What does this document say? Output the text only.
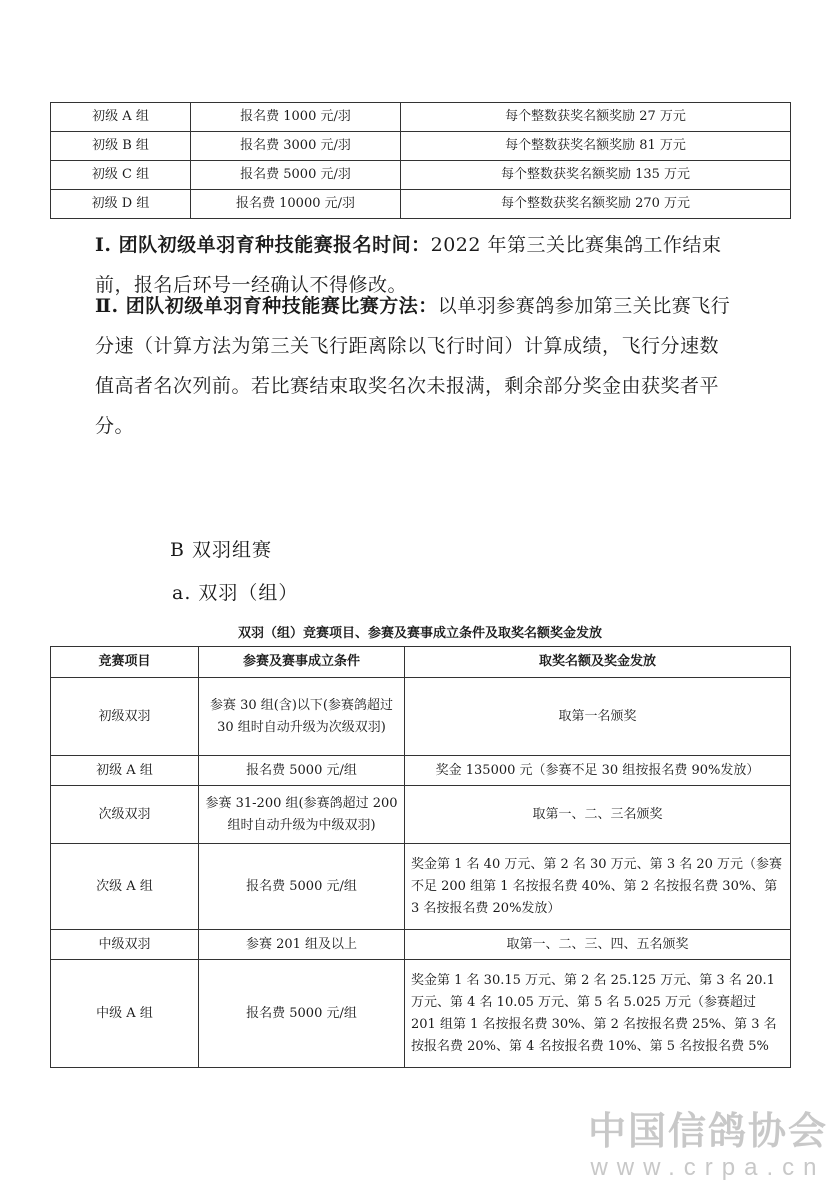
初级 A 组	报名费 1000 元/羽	每个整数获奖名额奖励 27 万元
初级 B 组	报名费 3000 元/羽	每个整数获奖名额奖励 81 万元
初级 C 组	报名费 5000 元/羽	每个整数获奖名额奖励 135 万元
初级 D 组	报名费 10000 元/羽	每个整数获奖名额奖励 270 万元

Ⅰ. 团队初级单羽育种技能赛报名时间：2022 年第三关比赛集鸽工作结束前，报名后环号一经确认不得修改。

Ⅱ. 团队初级单羽育种技能赛比赛方法：以单羽参赛鸽参加第三关比赛飞行分速（计算方法为第三关飞行距离除以飞行时间）计算成绩，飞行分速数值高者名次列前。若比赛结束取奖名次未报满，剩余部分奖金由获奖者平分。

B 双羽组赛
a. 双羽（组）
双羽（组）竞赛项目、参赛及赛事成立条件及取奖名额奖金发放
竞赛项目	参赛及赛事成立条件	取奖名额及奖金发放
初级双羽	参赛 30 组(含)以下(参赛鸽超过 30 组时自动升级为次级双羽)	取第一名颁奖
初级 A 组	报名费 5000 元/组	奖金 135000 元（参赛不足 30 组按报名费 90%发放）
次级双羽	参赛 31-200 组(参赛鸽超过 200 组时自动升级为中级双羽)	取第一、二、三名颁奖
次级 A 组	报名费 5000 元/组	奖金第 1 名 40 万元、第 2 名 30 万元、第 3 名 20 万元（参赛不足 200 组第 1 名按报名费 40%、第 2 名按报名费 30%、第 3 名按报名费 20%发放）
中级双羽	参赛 201 组及以上	取第一、二、三、四、五名颁奖
中级 A 组	报名费 5000 元/组	奖金第 1 名 30.15 万元、第 2 名 25.125 万元、第 3 名 20.1 万元、第 4 名 10.05 万元、第 5 名 5.025 万元（参赛超过 201 组第 1 名按报名费 30%、第 2 名按报名费 25%、第 3 名按报名费 20%、第 4 名按报名费 10%、第 5 名按报名费 5%
中国信鸽协会
www.crpa.cn
